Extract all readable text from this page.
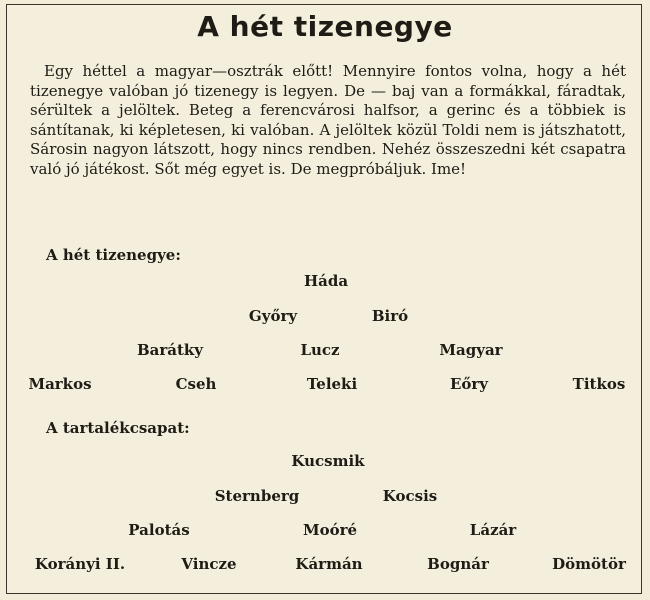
A hét tizenegye
Egy héttel a magyar—osztrák előtt! Mennyire fontos volna, hogy a hét tizenegye valóban jó tizenegy is legyen. De — baj van a formákkal, fáradtak, sérültek a jelöltek. Beteg a ferencvárosi halfsor, a gerinc és a többiek is sántítanak, ki képletesen, ki valóban. A jelöltek közül Toldi nem is játszhatott, Sárosin nagyon látszott, hogy nincs rendben. Nehéz összeszedni két csapatra való jó játékost. Sőt még egyet is. De megpróbáljuk. Ime!
A hét tizenegye:
Háda
Győry	Biró
Barátky	Lucz	Magyar
Markos	Cseh	Teleki	Eőry	Titkos
A tartalékcsapat:
Kucsmik
Sternberg	Kocsis
Palotás	Moóré	Lázár
Korányi II.	Vincze	Kármán	Bognár	Dömötör
